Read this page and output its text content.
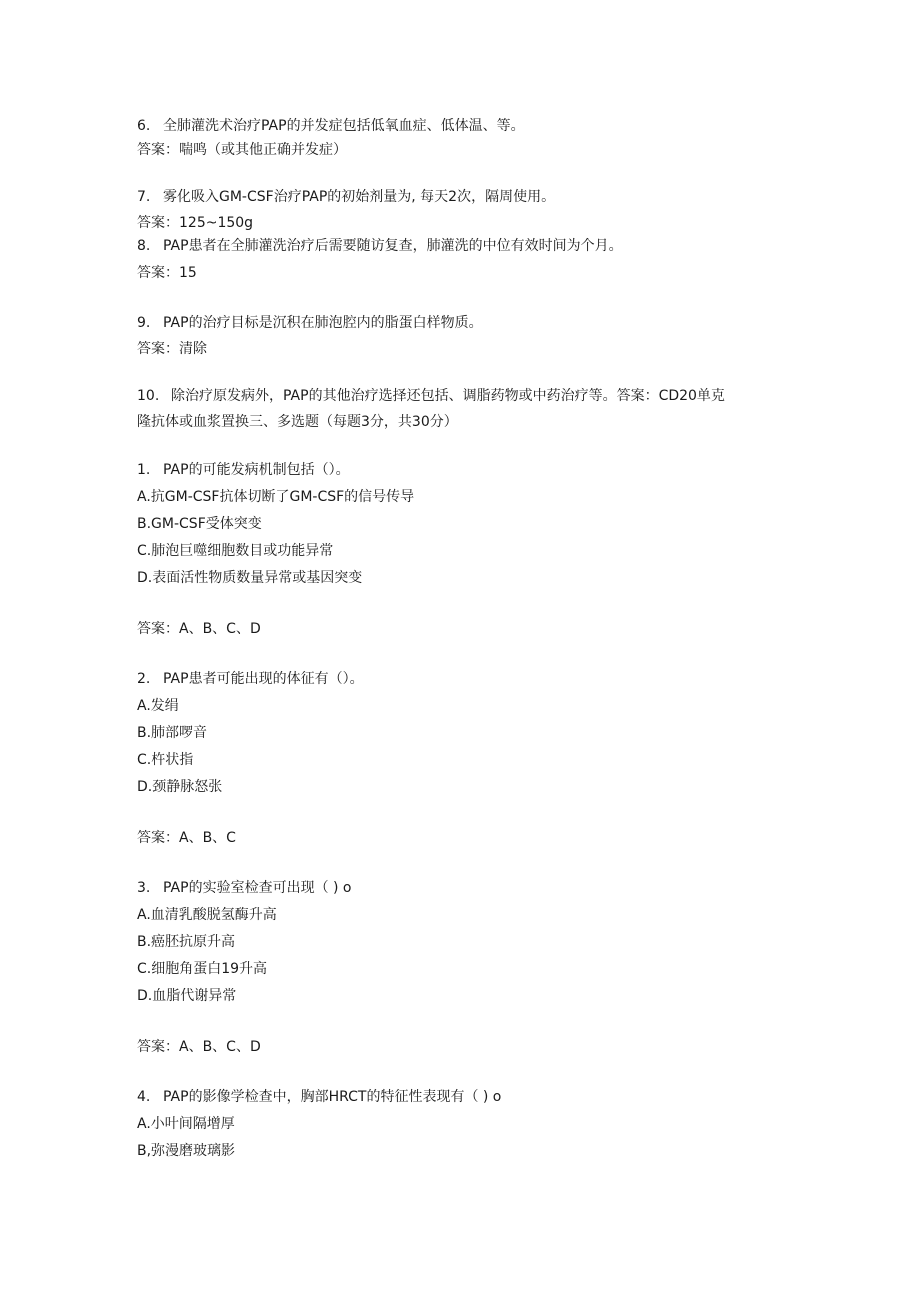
6. 全肺灌洗术治疗PAP的并发症包括低氧血症、低体温、等。
答案：喘鸣（或其他正确并发症）
7. 雾化吸入GM-CSF治疗PAP的初始剂量为, 每天2次，隔周使用。
答案：125~150g
8. PAP患者在全肺灌洗治疗后需要随访复查，肺灌洗的中位有效时间为个月。
答案：15
9. PAP的治疗目标是沉积在肺泡腔内的脂蛋白样物质。
答案：清除
10. 除治疗原发病外，PAP的其他治疗选择还包括、调脂药物或中药治疗等。答案：CD20单克
隆抗体或血浆置换三、多选题（每题3分，共30分）
1. PAP的可能发病机制包括（）。
A.抗GM-CSF抗体切断了GM-CSF的信号传导
B.GM-CSF受体突变
C.肺泡巨噬细胞数目或功能异常
D.表面活性物质数量异常或基因突变
答案：A、B、C、D
2. PAP患者可能出现的体征有（）。
A.发绢
B.肺部啰音
C.杵状指
D.颈静脉怒张
答案：A、B、C
3. PAP的实验室检查可出现（ ) o
A.血清乳酸脱氢酶升高
B.癌胚抗原升高
C.细胞角蛋白19升高
D.血脂代谢异常
答案：A、B、C、D
4. PAP的影像学检查中，胸部HRCT的特征性表现有（ ) o
A.小叶间隔增厚
B,弥漫磨玻璃影
